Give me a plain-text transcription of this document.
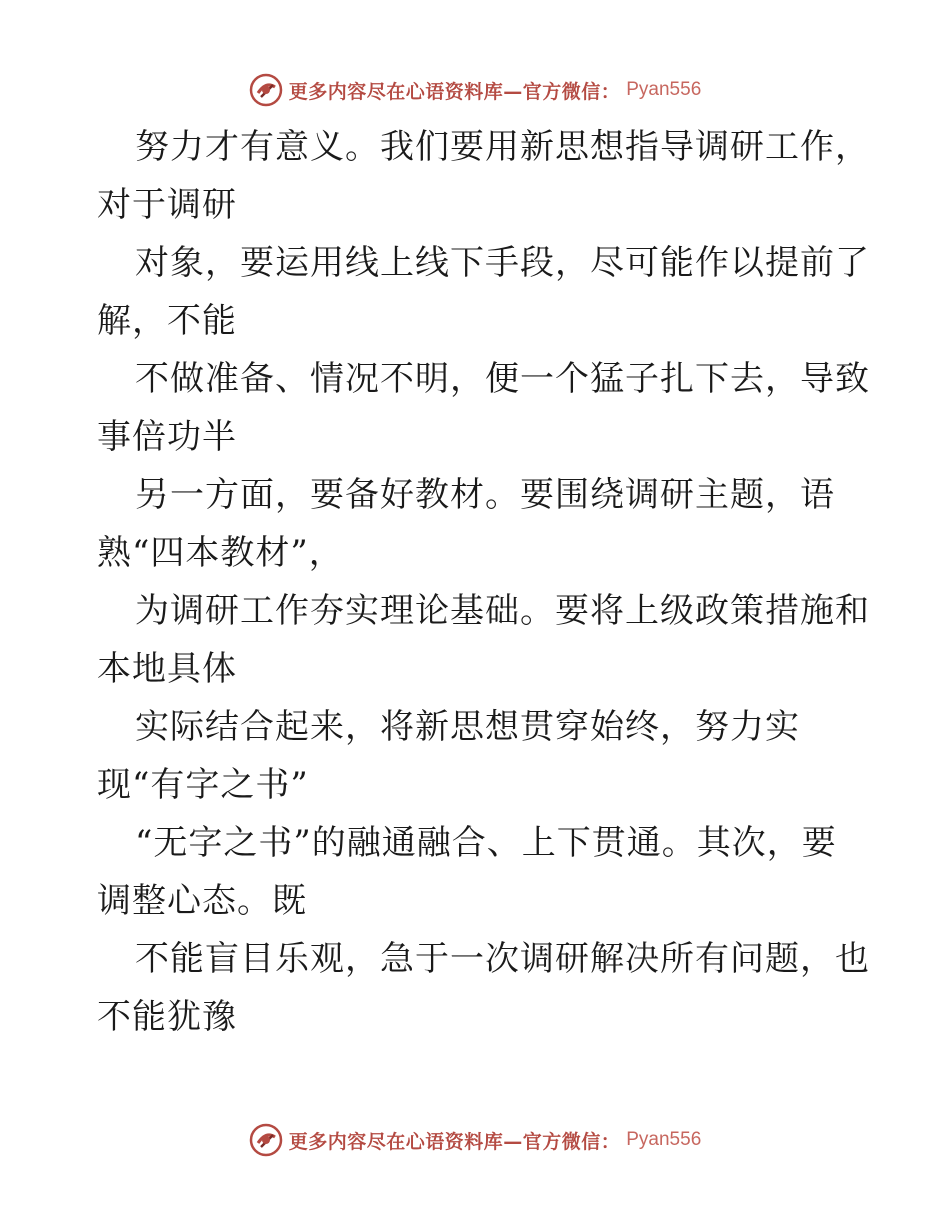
更多内容尽在心语资料库—官方微信： Pyan556
努力才有意义。我们要用新思想指导调研工作，
对于调研
对象，要运用线上线下手段，尽可能作以提前了
解，不能
不做准备、情况不明，便一个猛子扎下去，导致
事倍功半
另一方面，要备好教材。要围绕调研主题，语
熟“四本教材”，
为调研工作夯实理论基础。要将上级政策措施和
本地具体
实际结合起来，将新思想贯穿始终，努力实
现“有字之书”
“无字之书”的融通融合、上下贯通。其次，要
调整心态。既
不能盲目乐观，急于一次调研解决所有问题，也
不能犹豫
更多内容尽在心语资料库—官方微信： Pyan556
